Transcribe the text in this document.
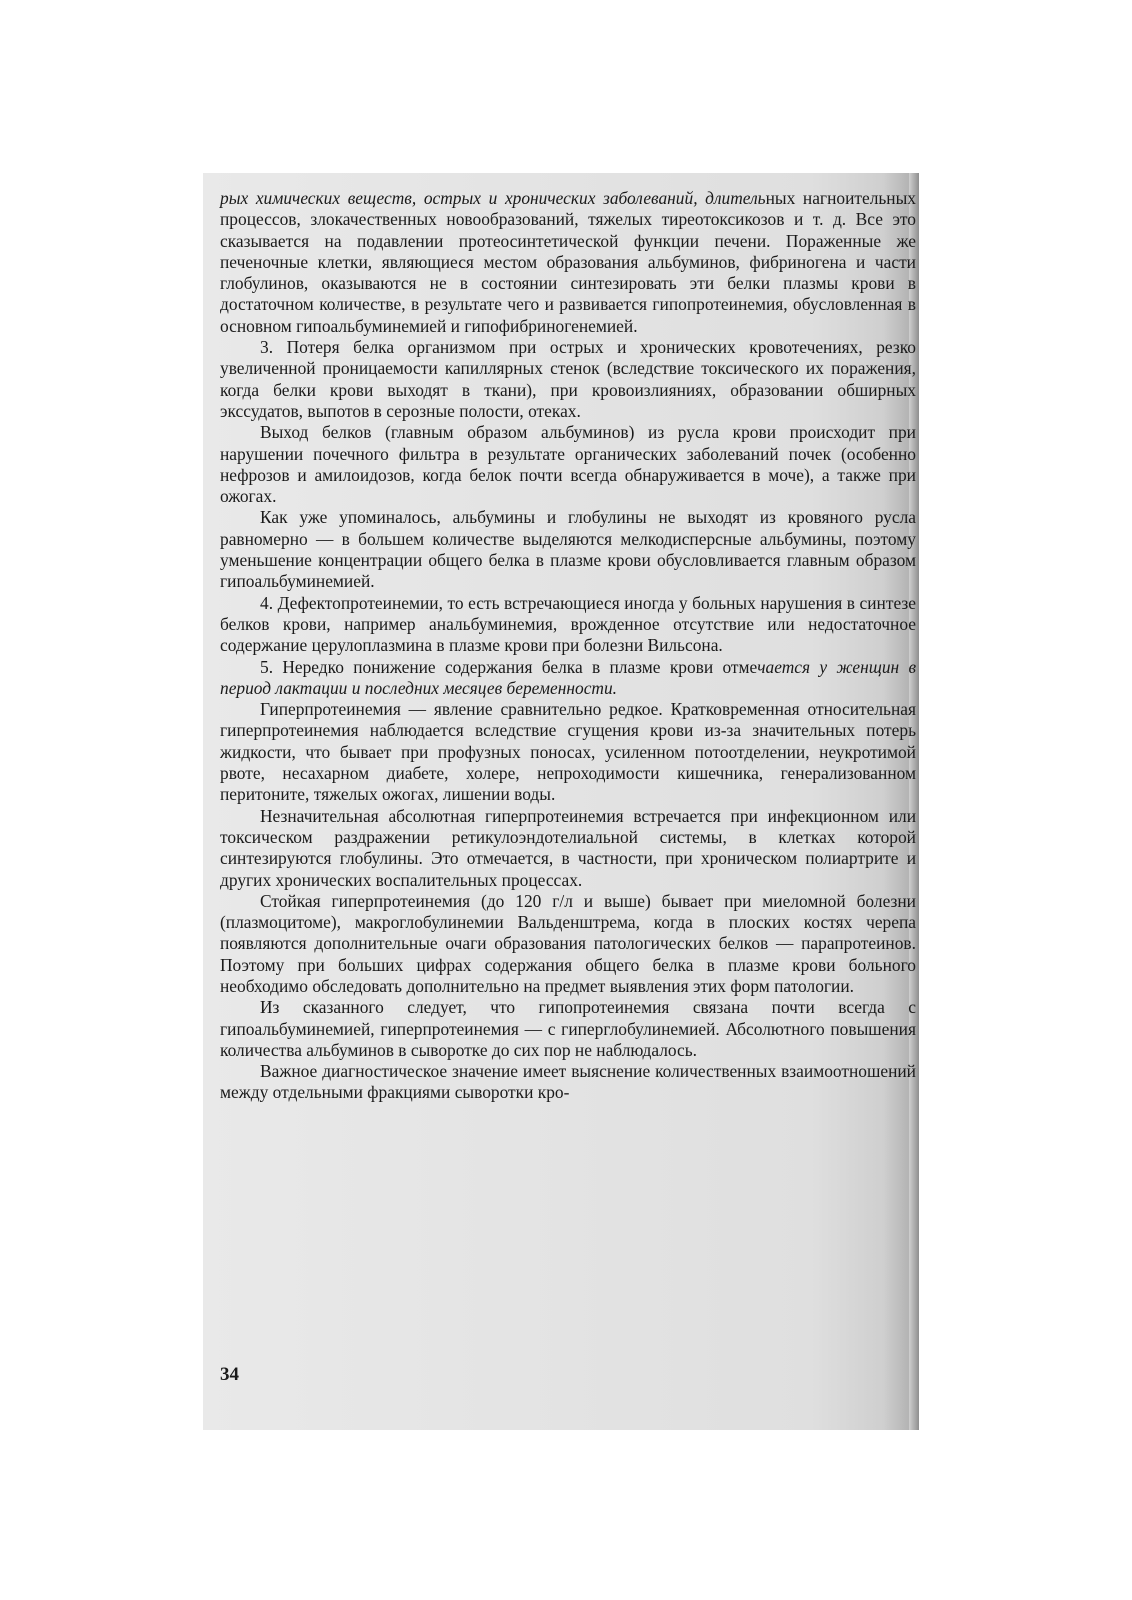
рых химических веществ, острых и хронических заболеваний, длительных нагноительных процессов, злокачественных новообразований, тяжелых тиреотоксикозов и т. д. Все это сказывается на подавлении протеосинтетической функции печени. Пораженные же печеночные клетки, являющиеся местом образования альбуминов, фибриногена и части глобулинов, оказываются не в состоянии синтезировать эти белки плазмы крови в достаточном количестве, в результате чего и развивается гипопротеинемия, обусловленная в основном гипоальбуминемией и гипофибриногенемией.

3. Потеря белка организмом при острых и хронических кровотечениях, резко увеличенной проницаемости капиллярных стенок (вследствие токсического их поражения, когда белки крови выходят в ткани), при кровоизлияниях, образовании обширных экссудатов, выпотов в серозные полости, отеках.

Выход белков (главным образом альбуминов) из русла крови происходит при нарушении почечного фильтра в результате органических заболеваний почек (особенно нефрозов и амилоидозов, когда белок почти всегда обнаруживается в моче), а также при ожогах.

Как уже упоминалось, альбумины и глобулины не выходят из кровяного русла равномерно — в большем количестве выделяются мелкодисперсные альбумины, поэтому уменьшение концентрации общего белка в плазме крови обусловливается главным образом гипоальбуминемией.

4. Дефектопротеинемии, то есть встречающиеся иногда у больных нарушения в синтезе белков крови, например анальбуминемия, врожденное отсутствие или недостаточное содержание церулоплазмина в плазме крови при болезни Вильсона.

5. Нередко понижение содержания белка в плазме крови отмечается у женщин в период лактации и последних месяцев беременности.

Гиперпротеинемия — явление сравнительно редкое. Кратковременная относительная гиперпротеинемия наблюдается вследствие сгущения крови из-за значительных потерь жидкости, что бывает при профузных поносах, усиленном потоотделении, неукротимой рвоте, несахарном диабете, холере, непроходимости кишечника, генерализованном перитоните, тяжелых ожогах, лишении воды.

Незначительная абсолютная гиперпротеинемия встречается при инфекционном или токсическом раздражении ретикулоэндотелиальной системы, в клетках которой синтезируются глобулины. Это отмечается, в частности, при хроническом полиартрите и других хронических воспалительных процессах.

Стойкая гиперпротеинемия (до 120 г/л и выше) бывает при миеломной болезни (плазмоцитоме), макроглобулинемии Вальденштрема, когда в плоских костях черепа появляются дополнительные очаги образования патологических белков — парапротеинов. Поэтому при больших цифрах содержания общего белка в плазме крови больного необходимо обследовать дополнительно на предмет выявления этих форм патологии.

Из сказанного следует, что гипопротеинемия связана почти всегда с гипоальбуминемией, гиперпротеинемия — с гиперглобулинемией. Абсолютного повышения количества альбуминов в сыворотке до сих пор не наблюдалось.

Важное диагностическое значение имеет выяснение количественных взаимоотношений между отдельными фракциями сыворотки кро-

34
